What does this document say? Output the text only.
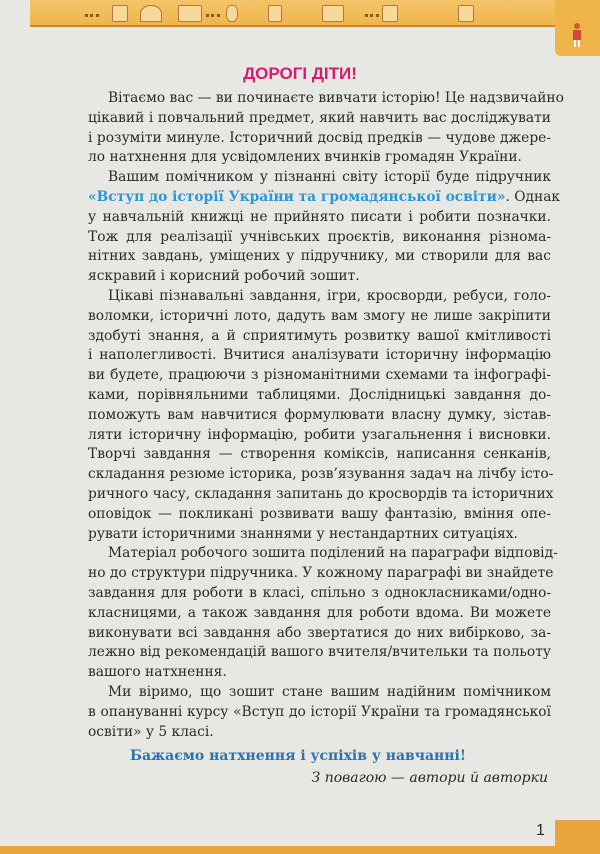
ДОРОГІ ДІТИ!
Вітаємо вас — ви починаєте вивчати історію! Це надзвичайно
цікавий і повчальний предмет, який навчить вас досліджувати
і розуміти минуле. Історичний досвід предків — чудове джере-
ло натхнення для усвідомлених вчинків громадян України.
Вашим помічником у пізнанні світу історії буде підручник
«Вступ до історії України та громадянської освіти». Однак
у навчальній книжці не прийнято писати і робити позначки.
Тож для реалізації учнівських проєктів, виконання різнома-
нітних завдань, уміщених у підручнику, ми створили для вас
яскравий і корисний робочий зошит.
Цікаві пізнавальні завдання, ігри, кросворди, ребуси, голо-
воломки, історичні лото, дадуть вам змогу не лише закріпити
здобуті знання, а й сприятимуть розвитку вашої кмітливості
і наполегливості. Вчитися аналізувати історичну інформацію
ви будете, працюючи з різноманітними схемами та інфографі-
ками, порівняльними таблицями. Дослідницькі завдання до-
поможуть вам навчитися формулювати власну думку, зістав-
ляти історичну інформацію, робити узагальнення і висновки.
Творчі завдання — створення коміксів, написання сенканів,
складання резюме історика, розв’язування задач на лічбу істо-
ричного часу, складання запитань до кросвордів та історичних
оповідок — покликані розвивати вашу фантазію, вміння опе-
рувати історичними знаннями у нестандартних ситуаціях.
Матеріал робочого зошита поділений на параграфи відповід-
но до структури підручника. У кожному параграфі ви знайдете
завдання для роботи в класі, спільно з однокласниками/одно-
класницями, а також завдання для роботи вдома. Ви можете
виконувати всі завдання або звертатися до них вибірково, за-
лежно від рекомендацій вашого вчителя/вчительки та польоту
вашого натхнення.
Ми віримо, що зошит стане вашим надійним помічником
в опануванні курсу «Вступ до історії України та громадянської
освіти» у 5 класі.
Бажаємо натхнення і успіхів у навчанні!
З повагою — автори й авторки
1
